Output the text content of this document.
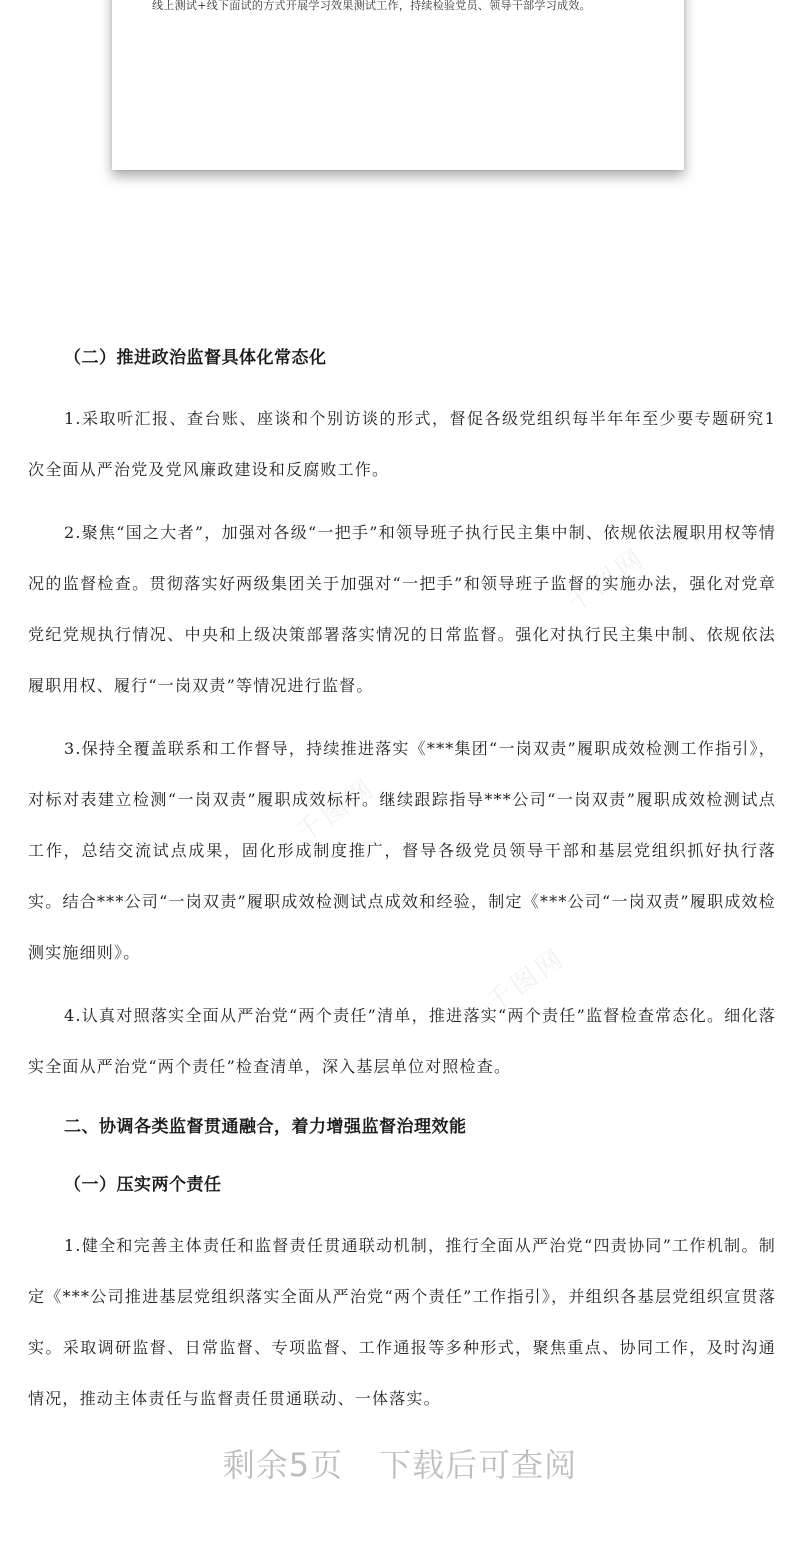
线上测试+线下面试的方式开展学习效果测试工作，持续检验党员、领导干部学习成效。
千图网
千图网
千图网

（二）推进政治监督具体化常态化

1.采取听汇报、查台账、座谈和个别访谈的形式，督促各级党组织每半年年至少要专题研究1次全面从严治党及党风廉政建设和反腐败工作。

2.聚焦“国之大者”，加强对各级“一把手”和领导班子执行民主集中制、依规依法履职用权等情况的监督检查。贯彻落实好两级集团关于加强对“一把手”和领导班子监督的实施办法，强化对党章党纪党规执行情况、中央和上级决策部署落实情况的日常监督。强化对执行民主集中制、依规依法履职用权、履行“一岗双责”等情况进行监督。

3.保持全覆盖联系和工作督导，持续推进落实《***集团“一岗双责”履职成效检测工作指引》，对标对表建立检测“一岗双责”履职成效标杆。继续跟踪指导***公司“一岗双责”履职成效检测试点工作，总结交流试点成果，固化形成制度推广，督导各级党员领导干部和基层党组织抓好执行落实。结合***公司“一岗双责”履职成效检测试点成效和经验，制定《***公司“一岗双责”履职成效检测实施细则》。

4.认真对照落实全面从严治党“两个责任”清单，推进落实“两个责任”监督检查常态化。细化落实全面从严治党“两个责任”检查清单，深入基层单位对照检查。

二、协调各类监督贯通融合，着力增强监督治理效能

（一）压实两个责任

1.健全和完善主体责任和监督责任贯通联动机制，推行全面从严治党“四责协同”工作机制。制定《***公司推进基层党组织落实全面从严治党“两个责任”工作指引》，并组织各基层党组织宣贯落实。采取调研监督、日常监督、专项监督、工作通报等多种形式，聚焦重点、协同工作，及时沟通情况，推动主体责任与监督责任贯通联动、一体落实。

剩余5页 下载后可查阅
